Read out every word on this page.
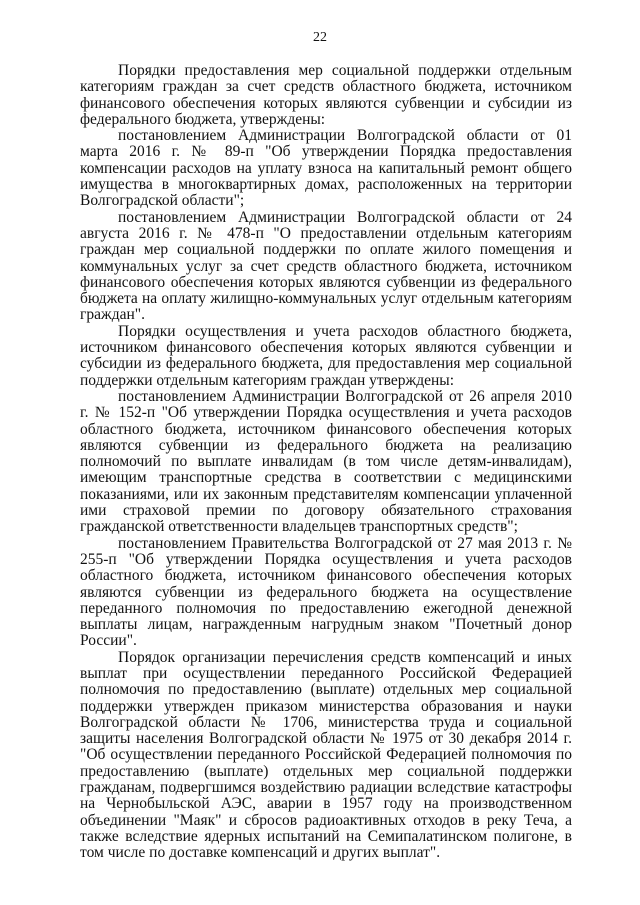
22

Порядки предоставления мер социальной поддержки отдельным категориям граждан за счет средств областного бюджета, источником финансового обеспечения которых являются субвенции и субсидии из федерального бюджета, утверждены:

постановлением Администрации Волгоградской области от 01 марта 2016 г. № 89-п "Об утверждении Порядка предоставления компенсации расходов на уплату взноса на капитальный ремонт общего имущества в многоквартирных домах, расположенных на территории Волгоградской области";

постановлением Администрации Волгоградской области от 24 августа 2016 г. № 478-п "О предоставлении отдельным категориям граждан мер социальной поддержки по оплате жилого помещения и коммунальных услуг за счет средств областного бюджета, источником финансового обеспечения которых являются субвенции из федерального бюджета на оплату жилищно-коммунальных услуг отдельным категориям граждан".

Порядки осуществления и учета расходов областного бюджета, источником финансового обеспечения которых являются субвенции и субсидии из федерального бюджета, для предоставления мер социальной поддержки отдельным категориям граждан утверждены:

постановлением Администрации Волгоградской от 26 апреля 2010 г. № 152-п "Об утверждении Порядка осуществления и учета расходов областного бюджета, источником финансового обеспечения которых являются субвенции из федерального бюджета на реализацию полномочий по выплате инвалидам (в том числе детям-инвалидам), имеющим транспортные средства в соответствии с медицинскими показаниями, или их законным представителям компенсации уплаченной ими страховой премии по договору обязательного страхования гражданской ответственности владельцев транспортных средств";

постановлением Правительства Волгоградской от 27 мая 2013 г. № 255-п "Об утверждении Порядка осуществления и учета расходов областного бюджета, источником финансового обеспечения которых являются субвенции из федерального бюджета на осуществление переданного полномочия по предоставлению ежегодной денежной выплаты лицам, награжденным нагрудным знаком "Почетный донор России".

Порядок организации перечисления средств компенсаций и иных выплат при осуществлении переданного Российской Федерацией полномочия по предоставлению (выплате) отдельных мер социальной поддержки утвержден приказом министерства образования и науки Волгоградской области № 1706, министерства труда и социальной защиты населения Волгоградской области № 1975 от 30 декабря 2014 г. "Об осуществлении переданного Российской Федерацией полномочия по предоставлению (выплате) отдельных мер социальной поддержки гражданам, подвергшимся воздействию радиации вследствие катастрофы на Чернобыльской АЭС, аварии в 1957 году на производственном объединении "Маяк" и сбросов радиоактивных отходов в реку Теча, а также вследствие ядерных испытаний на Семипалатинском полигоне, в том числе по доставке компенсаций и других выплат".
